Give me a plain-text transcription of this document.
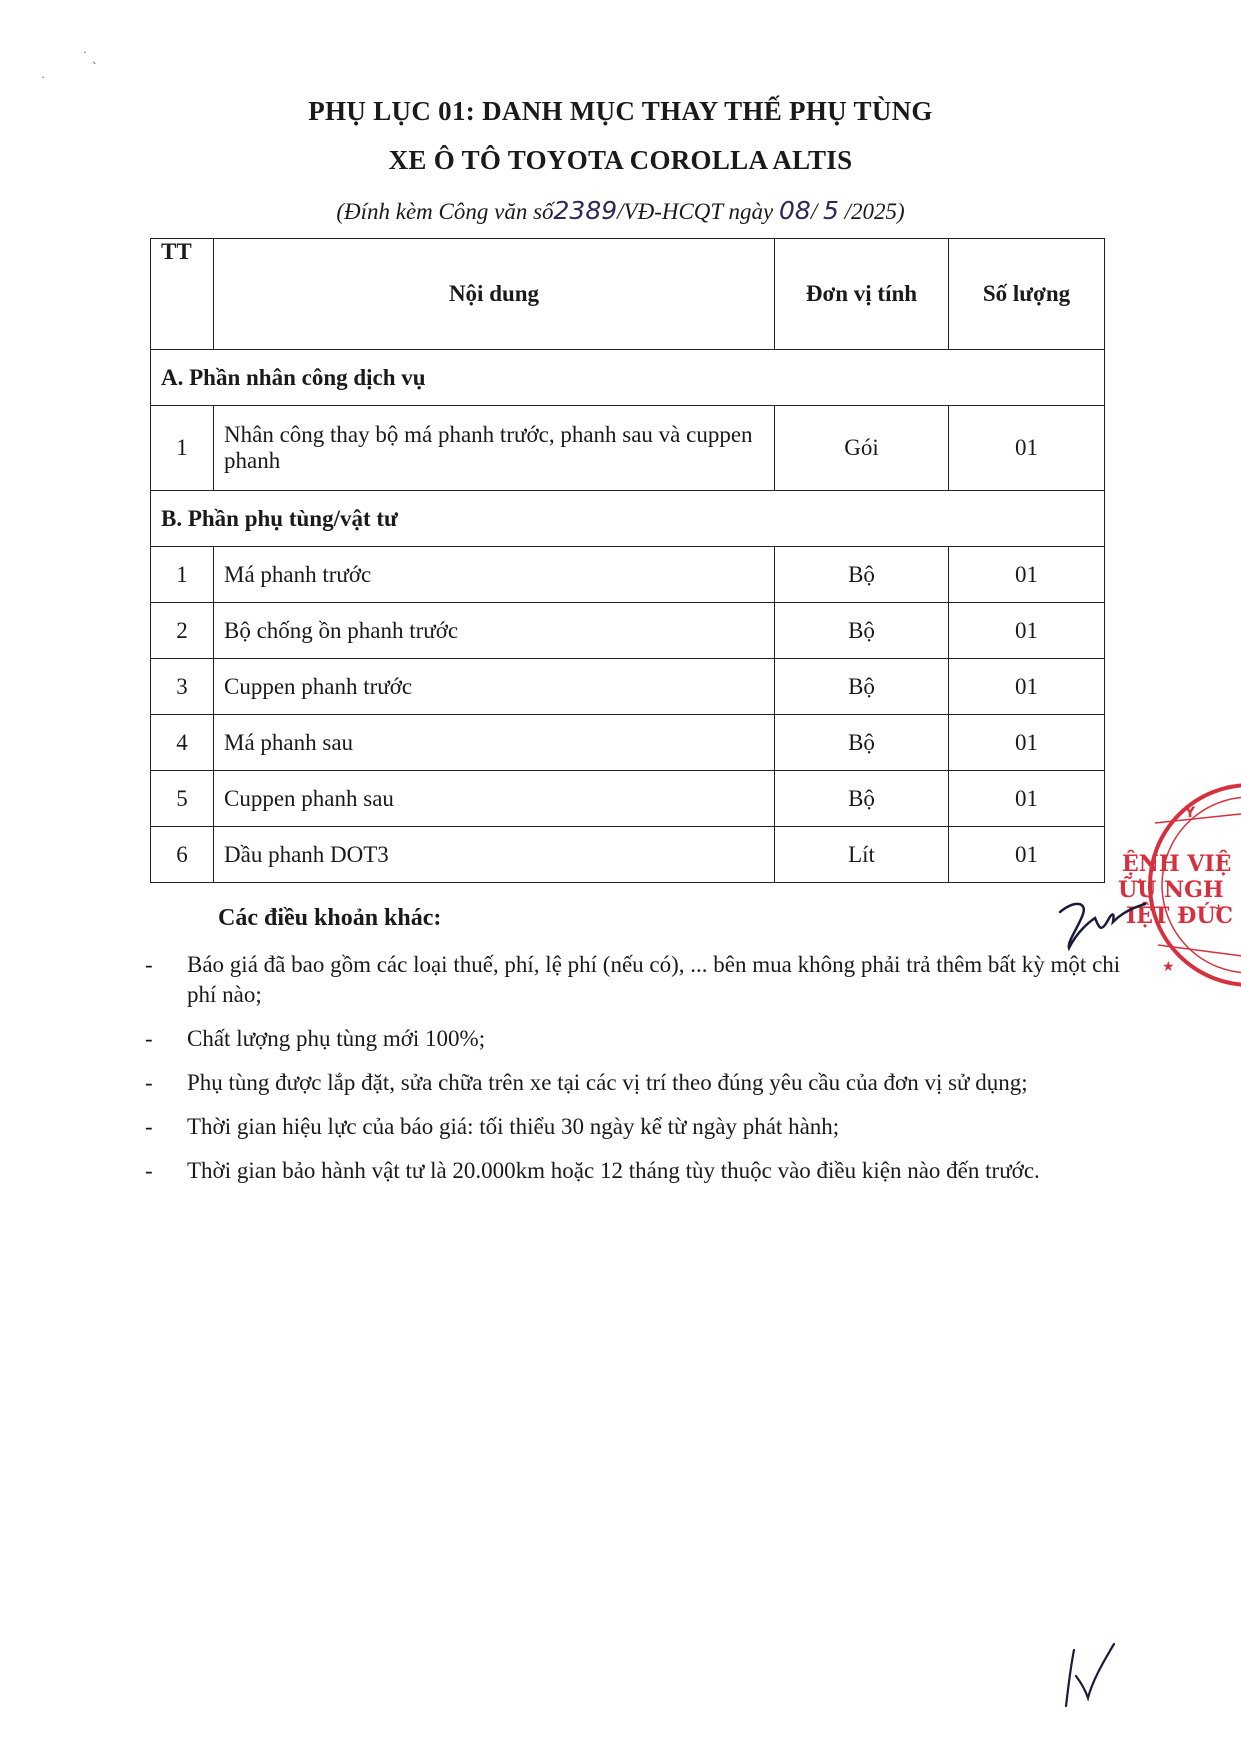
˙ ˎ
˙
PHỤ LỤC 01: DANH MỤC THAY THẾ PHỤ TÙNG
XE Ô TÔ TOYOTA COROLLA ALTIS
(Đính kèm Công văn số2389/VĐ-HCQT ngày 08/ 5 /2025)
TT	Nội dung	Đơn vị tính	Số lượng
A. Phần nhân công dịch vụ			
1	Nhân công thay bộ má phanh trước, phanh sau và cuppen phanh	Gói	01
B. Phần phụ tùng/vật tư			
1	Má phanh trước	Bộ	01
2	Bộ chống ồn phanh trước	Bộ	01
3	Cuppen phanh trước	Bộ	01
4	Má phanh sau	Bộ	01
5	Cuppen phanh sau	Bộ	01
6	Dầu phanh DOT3	Lít	01
Các điều khoản khác:
- Báo giá đã bao gồm các loại thuế, phí, lệ phí (nếu có), ... bên mua không phải trả thêm bất kỳ một chi phí nào;
- Chất lượng phụ tùng mới 100%;
- Phụ tùng được lắp đặt, sửa chữa trên xe tại các vị trí theo đúng yêu cầu của đơn vị sử dụng;
- Thời gian hiệu lực của báo giá: tối thiểu 30 ngày kể từ ngày phát hành;
- Thời gian bảo hành vật tư là 20.000km hoặc 12 tháng tùy thuộc vào điều kiện nào đến trước.
Y
ỆNH VIỆ
ỮU NGH
IỆT ĐỨC
★
